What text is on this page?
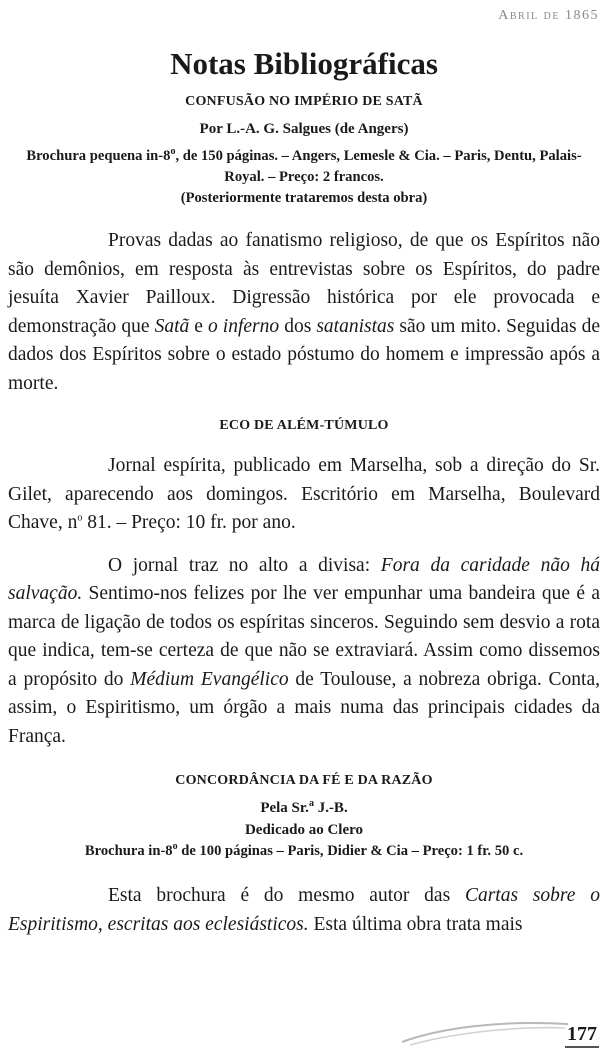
Abril de 1865
Notas Bibliográficas
CONFUSÃO NO IMPÉRIO DE SATÃ
Por L.-A. G. Salgues (de Angers)
Brochura pequena in-8$^o$, de 150 páginas. – Angers, Lemesle & Cia. – Paris, Dentu, Palais-Royal. – Preço: 2 francos.
(Posteriormente trataremos desta obra)

Provas dadas ao fanatismo religioso, de que os Espíritos não são demônios, em resposta às entrevistas sobre os Espíritos, do padre jesuíta Xavier Pailloux. Digressão histórica por ele provocada e demonstração que Satã e o inferno dos satanistas são um mito. Seguidas de dados dos Espíritos sobre o estado póstumo do homem e impressão após a morte.

ECO DE ALÉM-TÚMULO

Jornal espírita, publicado em Marselha, sob a direção do Sr. Gilet, aparecendo aos domingos. Escritório em Marselha, Boulevard Chave, $n^o$ 81. – Preço: 10 fr. por ano.

O jornal traz no alto a divisa: Fora da caridade não há salvação. Sentimo-nos felizes por lhe ver empunhar uma bandeira que é a marca de ligação de todos os espíritas sinceros. Seguindo sem desvio a rota que indica, tem-se certeza de que não se extraviará. Assim como dissemos a propósito do Médium Evangélico de Toulouse, a nobreza obriga. Conta, assim, o Espiritismo, um órgão a mais numa das principais cidades da França.

CONCORDÂNCIA DA FÉ E DA RAZÃO
Pela Sr.$^a$ J.-B.
Dedicado ao Clero
Brochura in-8$^o$ de 100 páginas – Paris, Didier & Cia – Preço: 1 fr. 50 c.

Esta brochura é do mesmo autor das Cartas sobre o Espiritismo, escritas aos eclesiásticos. Esta última obra trata mais

177
